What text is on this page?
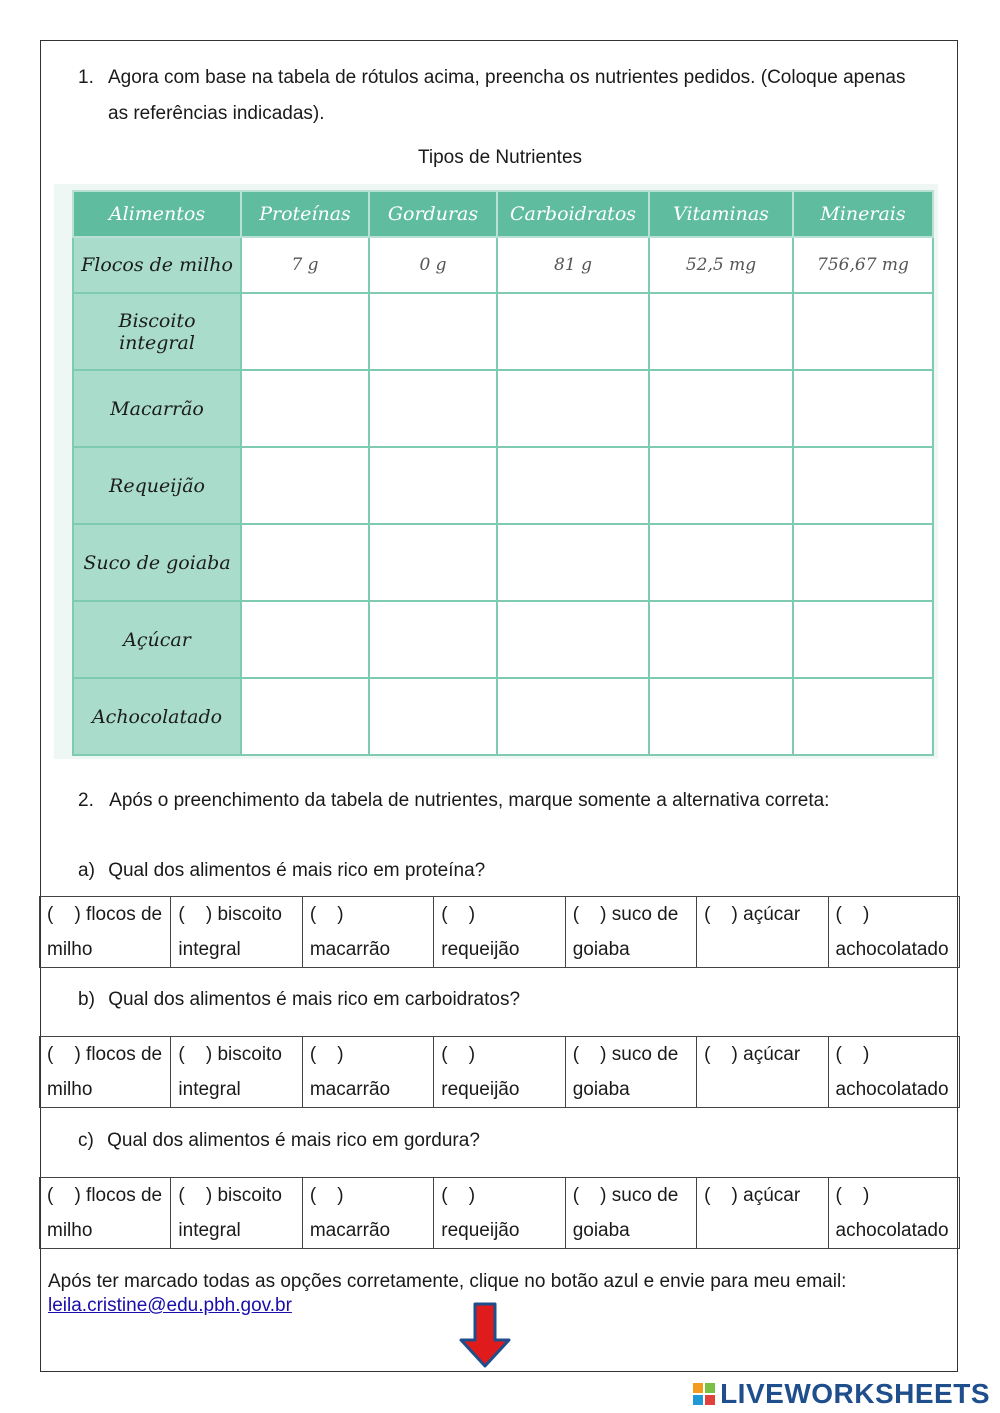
1. Agora com base na tabela de rótulos acima, preencha os nutrientes pedidos. (Coloque apenas as referências indicadas).
Tipos de Nutrientes
Alimentos	Proteínas	Gorduras	Carboidratos	Vitaminas	Minerais
Flocos de milho	7 g	0 g	81 g	52,5 mg	756,67 mg
Biscoito integral					
Macarrão					
Requeijão					
Suco de goiaba					
Açúcar					
Achocolatado					
2. Após o preenchimento da tabela de nutrientes, marque somente a alternativa correta:
a) Qual dos alimentos é mais rico em proteína?
(    ) flocos de milho	(    ) biscoito integral	(    )
macarrão	(    )
requeijão	(    ) suco de goiaba	(    ) açúcar	(    )
achocolatado
b) Qual dos alimentos é mais rico em carboidratos?
(    ) flocos de milho	(    ) biscoito integral	(    )
macarrão	(    )
requeijão	(    ) suco de goiaba	(    ) açúcar	(    )
achocolatado
c) Qual dos alimentos é mais rico em gordura?
(    ) flocos de milho	(    ) biscoito integral	(    )
macarrão	(    )
requeijão	(    ) suco de goiaba	(    ) açúcar	(    )
achocolatado
Após ter marcado todas as opções corretamente, clique no botão azul e envie para meu email:
leila.cristine@edu.pbh.gov.br
LIVEWORKSHEETS
